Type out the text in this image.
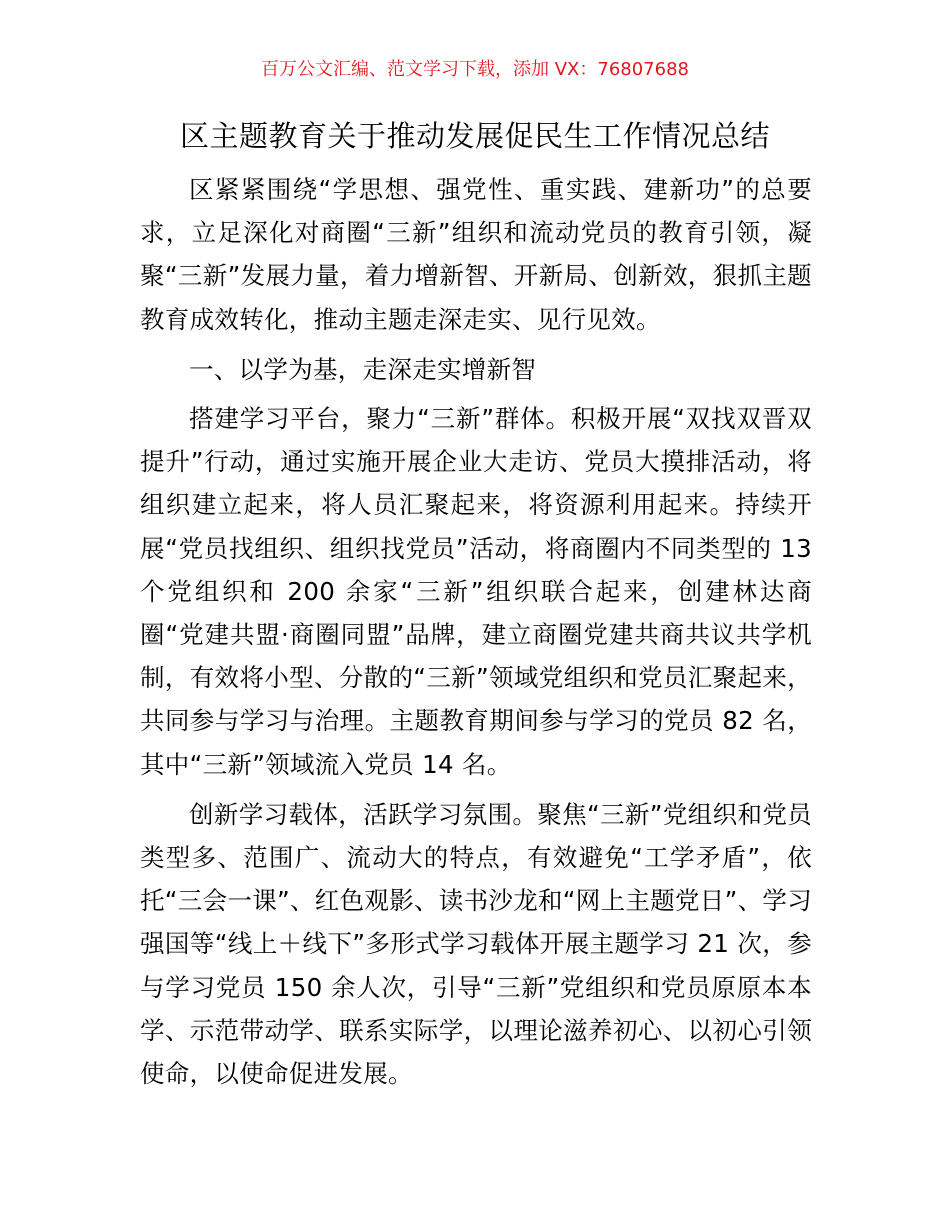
百万公文汇编、范文学习下载，添加 VX：76807688
区主题教育关于推动发展促民生工作情况总结

区紧紧围绕“学思想、强党性、重实践、建新功”的总要求，立足深化对商圈“三新”组织和流动党员的教育引领，凝聚“三新”发展力量，着力增新智、开新局、创新效，狠抓主题教育成效转化，推动主题走深走实、见行见效。

一、以学为基，走深走实增新智

搭建学习平台，聚力“三新”群体。积极开展“双找双晋双提升”行动，通过实施开展企业大走访、党员大摸排活动，将组织建立起来，将人员汇聚起来，将资源利用起来。持续开展“党员找组织、组织找党员”活动，将商圈内不同类型的 13 个党组织和 200 余家“三新”组织联合起来，创建林达商圈“党建共盟·商圈同盟”品牌，建立商圈党建共商共议共学机制，有效将小型、分散的“三新”领域党组织和党员汇聚起来，共同参与学习与治理。主题教育期间参与学习的党员 82 名，其中“三新”领域流入党员 14 名。

创新学习载体，活跃学习氛围。聚焦“三新”党组织和党员类型多、范围广、流动大的特点，有效避免“工学矛盾”，依托“三会一课”、红色观影、读书沙龙和“网上主题党日”、学习强国等“线上＋线下”多形式学习载体开展主题学习 21 次，参与学习党员 150 余人次，引导“三新”党组织和党员原原本本学、示范带动学、联系实际学，以理论滋养初心、以初心引领使命，以使命促进发展。
